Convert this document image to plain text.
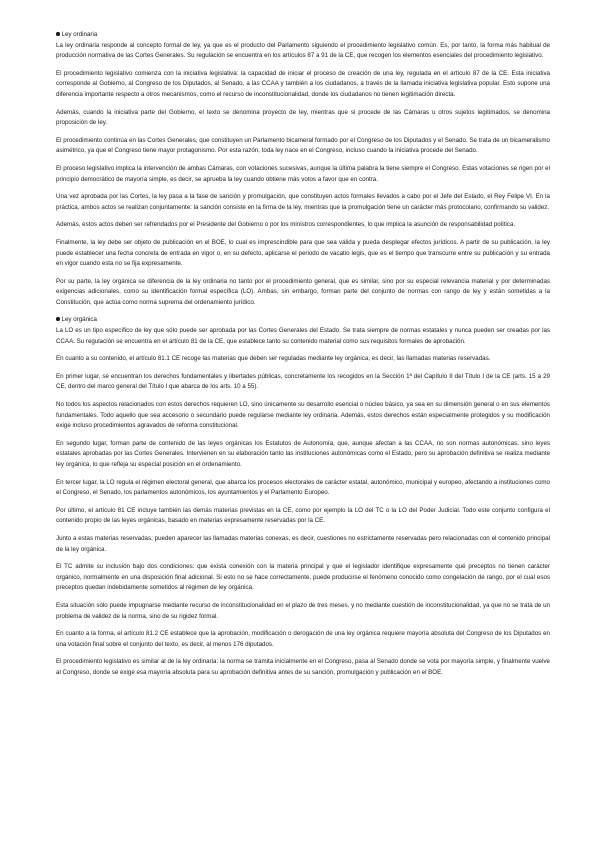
Ley ordinaria

La ley ordinaria responde al concepto formal de ley, ya que es el producto del Parlamento siguiendo el procedimiento legislativo común. Es, por tanto, la forma más habitual de producción normativa de las Cortes Generales. Su regulación se encuentra en los artículos 87 a 91 de la CE, que recogen los elementos esenciales del procedimiento legislativo.

El procedimiento legislativo comienza con la iniciativa legislativa: la capacidad de iniciar el proceso de creación de una ley, regulada en el artículo 87 de la CE. Esta iniciativa corresponde al Gobierno, al Congreso de los Diputados, al Senado, a las CCAA y también a los ciudadanos, a través de la llamada iniciativa legislativa popular. Esto supone una diferencia importante respecto a otros mecanismos, como el recurso de inconstitucionalidad, donde los ciudadanos no tienen legitimación directa.

Además, cuando la iniciativa parte del Gobierno, el texto se denomina proyecto de ley, mientras que si procede de las Cámaras u otros sujetos legitimados, se denomina proposición de ley.

El procedimiento continúa en las Cortes Generales, que constituyen un Parlamento bicameral formado por el Congreso de los Diputados y el Senado. Se trata de un bicameralismo asimétrico, ya que el Congreso tiene mayor protagonismo. Por esta razón, toda ley nace en el Congreso, incluso cuando la iniciativa procede del Senado.

El proceso legislativo implica la intervención de ambas Cámaras, con votaciones sucesivas, aunque la última palabra la tiene siempre el Congreso. Estas votaciones se rigen por el principio democrático de mayoría simple, es decir, se aprueba la ley cuando obtiene más votos a favor que en contra.

Una vez aprobada por las Cortes, la ley pasa a la fase de sanción y promulgación, que constituyen actos formales llevados a cabo por el Jefe del Estado, el Rey Felipe VI. En la práctica, ambos actos se realizan conjuntamente: la sanción consiste en la firma de la ley, mientras que la promulgación tiene un carácter más protocolario, confirmando su validez.

Además, estos actos deben ser refrendados por el Presidente del Gobierno o por los ministros correspondientes, lo que implica la asunción de responsabilidad política.

Finalmente, la ley debe ser objeto de publicación en el BOE, lo cual es imprescindible para que sea válida y pueda desplegar efectos jurídicos. A partir de su publicación, la ley puede establecer una fecha concreta de entrada en vigor o, en su defecto, aplicarse el periodo de vacatio legis, que es el tiempo que transcurre entre su publicación y su entrada en vigor cuando esta no se fija expresamente.

Por su parte, la ley orgánica se diferencia de la ley ordinaria no tanto por el procedimiento general, que es similar, sino por su especial relevancia material y por determinadas exigencias adicionales, como su identificación formal específica (LO). Ambas, sin embargo, forman parte del conjunto de normas con rango de ley y están sometidas a la Constitución, que actúa como norma suprema del ordenamiento jurídico.

Ley orgánica

La LO es un tipo específico de ley que sólo puede ser aprobada por las Cortes Generales del Estado. Se trata siempre de normas estatales y nunca pueden ser creadas por las CCAA. Su regulación se encuentra en el artículo 81 de la CE, que establece tanto su contenido material como sus requisitos formales de aprobación.

En cuanto a su contenido, el artículo 81.1 CE recoge las materias que deben ser reguladas mediante ley orgánica, es decir, las llamadas materias reservadas.

En primer lugar, se encuentran los derechos fundamentales y libertades públicas, concretamente los recogidos en la Sección 1ª del Capítulo II del Título I de la CE (arts. 15 a 29 CE, dentro del marco general del Título I que abarca de los arts. 10 a 55).

No todos los aspectos relacionados con estos derechos requieren LO, sino únicamente su desarrollo esencial o núcleo básico, ya sea en su dimensión general o en sus elementos fundamentales. Todo aquello que sea accesorio o secundario puede regularse mediante ley ordinaria. Además, estos derechos están especialmente protegidos y su modificación exige incluso procedimientos agravados de reforma constitucional.

En segundo lugar, forman parte de contenido de las leyes orgánicas los Estatutos de Autonomía, que, aunque afectan a las CCAA, no son normas autonómicas, sino leyes estatales aprobadas por las Cortes Generales. Intervienen en su elaboración tanto las instituciones autonómicas como el Estado, pero su aprobación definitiva se realiza mediante ley orgánica, lo que refleja su especial posición en el ordenamiento.

En tercer lugar, la LO regula el régimen electoral general, que abarca los procesos electorales de carácter estatal, autonómico, municipal y europeo, afectando a instituciones como el Congreso, el Senado, los parlamentos autonómicos, los ayuntamientos y el Parlamento Europeo.

Por último, el artículo 81 CE incluye también las demás materias previstas en la CE, como por ejemplo la LO del TC o la LO del Poder Judicial. Todo este conjunto configura el contenido propio de las leyes orgánicas, basado en materias expresamente reservadas por la CE.

Junto a estas materias reservadas, pueden aparecer las llamadas materias conexas, es decir, cuestiones no estrictamente reservadas pero relacionadas con el contenido principal de la ley orgánica.

El TC admite su inclusión bajo dos condiciones: que exista conexión con la materia principal y que el legislador identifique expresamente qué preceptos no tienen carácter orgánico, normalmente en una disposición final adicional. Si esto no se hace correctamente, puede producirse el fenómeno conocido como congelación de rango, por el cual esos preceptos quedan indebidamente sometidos al régimen de ley orgánica.

Esta situación sólo puede impugnarse mediante recurso de inconstitucionalidad en el plazo de tres meses, y no mediante cuestión de inconstitucionalidad, ya que no se trata de un problema de validez de la norma, sino de su rigidez formal.

En cuanto a la forma, el artículo 81.2 CE establece que la aprobación, modificación o derogación de una ley orgánica requiere mayoría absoluta del Congreso de los Diputados en una votación final sobre el conjunto del texto, es decir, al menos 176 diputados.

El procedimiento legislativo es similar al de la ley ordinaria: la norma se tramita inicialmente en el Congreso, pasa al Senado donde se vota por mayoría simple, y finalmente vuelve al Congreso, donde se exige esa mayoría absoluta para su aprobación definitiva antes de su sanción, promulgación y publicación en el BOE.
